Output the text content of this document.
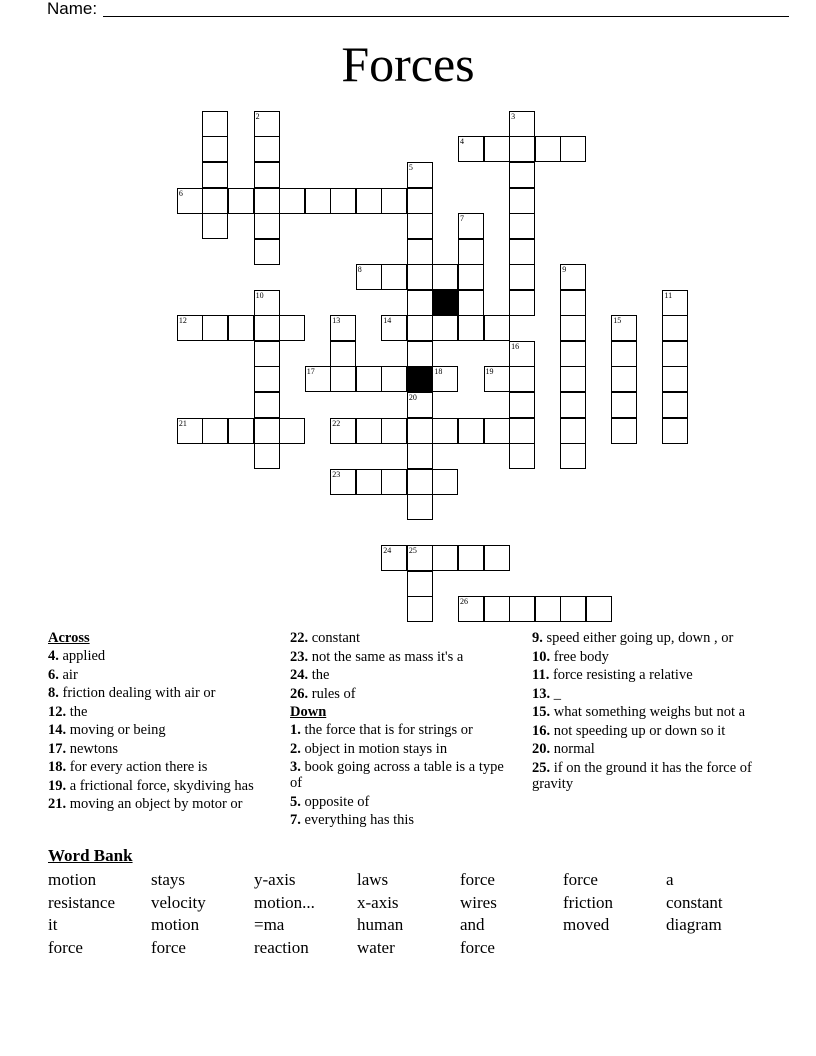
Name:
Forces
2	3
4
5
6
7
8	9
10	11
12	13	14	15
16
17	18	19
20
21	22
23
24 25
26
Across
4. applied
6. air
8. friction dealing with air or
12. the
14. moving or being
17. newtons
18. for every action there is
19. a frictional force, skydiving has
21. moving an object by motor or
22. constant
23. not the same as mass it's a
24. the
26. rules of
Down
1. the force that is for strings or
2. object in motion stays in
3. book going across a table is a type of
5. opposite of
7. everything has this
9. speed either going up, down , or
10. free body
11. force resisting a relative
13. _
15. what something weighs but not a
16. not speeding up or down so it
20. normal
25. if on the ground it has the force of gravity
Word Bank
motion	stays	y-axis	laws	force	force	a
resistance	velocity	motion...	x-axis	wires	friction	constant
it	motion	=ma	human	and	moved	diagram
force	force	reaction	water	force
